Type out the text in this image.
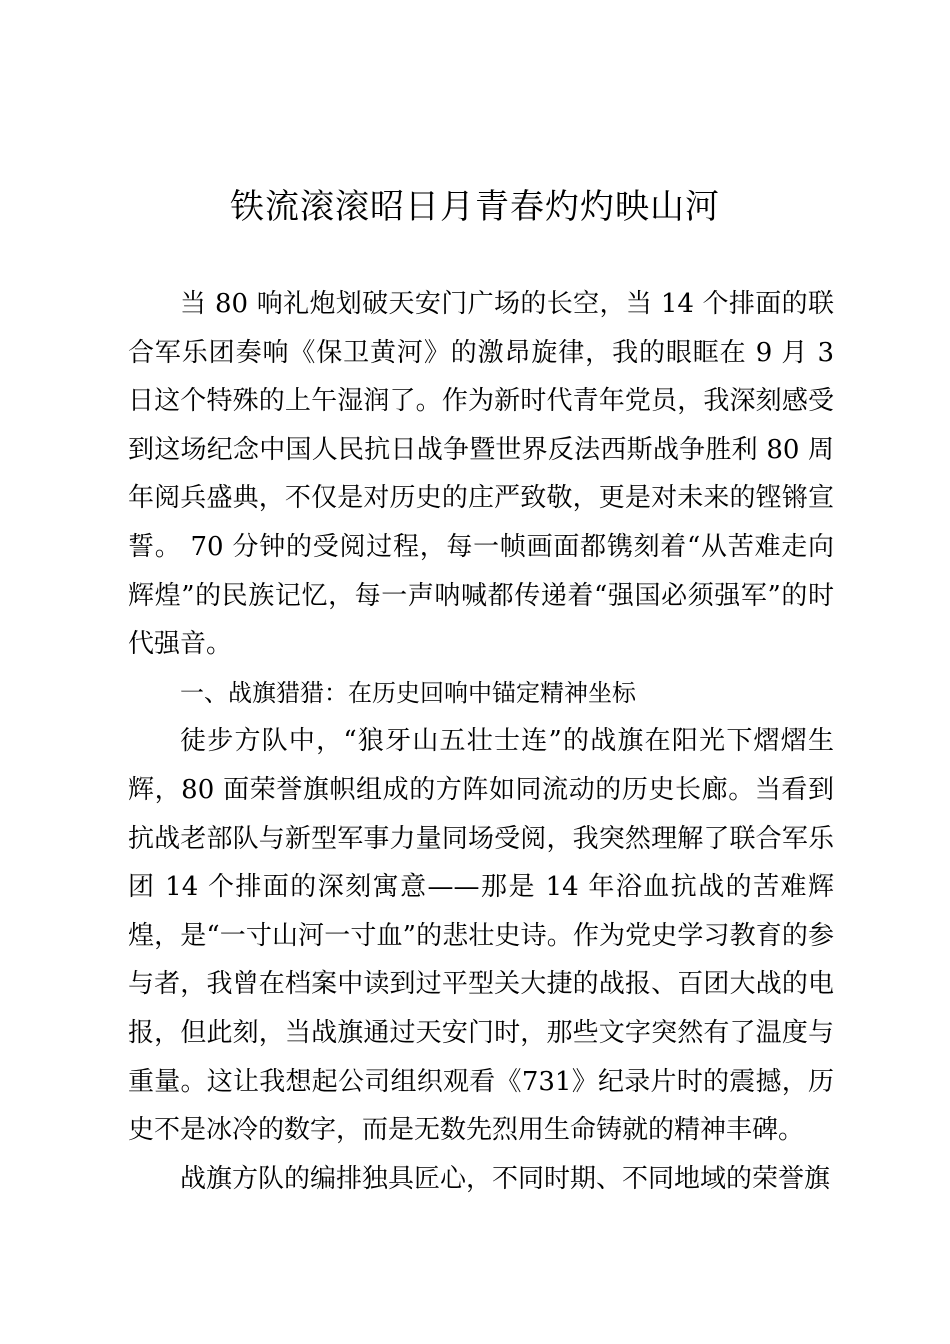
铁流滚滚昭日月青春灼灼映山河

当 80 响礼炮划破天安门广场的长空，当 14 个排面的联合军乐团奏响《保卫黄河》的激昂旋律，我的眼眶在 9 月 3 日这个特殊的上午湿润了。作为新时代青年党员，我深刻感受到这场纪念中国人民抗日战争暨世界反法西斯战争胜利 80 周年阅兵盛典，不仅是对历史的庄严致敬，更是对未来的铿锵宣誓。 70 分钟的受阅过程，每一帧画面都镌刻着“从苦难走向辉煌”的民族记忆，每一声呐喊都传递着“强国必须强军”的时代强音。

一、战旗猎猎：在历史回响中锚定精神坐标

徒步方队中，“狼牙山五壮士连”的战旗在阳光下熠熠生辉，80 面荣誉旗帜组成的方阵如同流动的历史长廊。当看到抗战老部队与新型军事力量同场受阅，我突然理解了联合军乐团 14 个排面的深刻寓意——那是 14 年浴血抗战的苦难辉煌，是“一寸山河一寸血”的悲壮史诗。作为党史学习教育的参与者，我曾在档案中读到过平型关大捷的战报、百团大战的电报，但此刻，当战旗通过天安门时，那些文字突然有了温度与重量。这让我想起公司组织观看《731》纪录片时的震撼，历史不是冰冷的数字，而是无数先烈用生命铸就的精神丰碑。

战旗方队的编排独具匠心，不同时期、不同地域的荣誉旗
